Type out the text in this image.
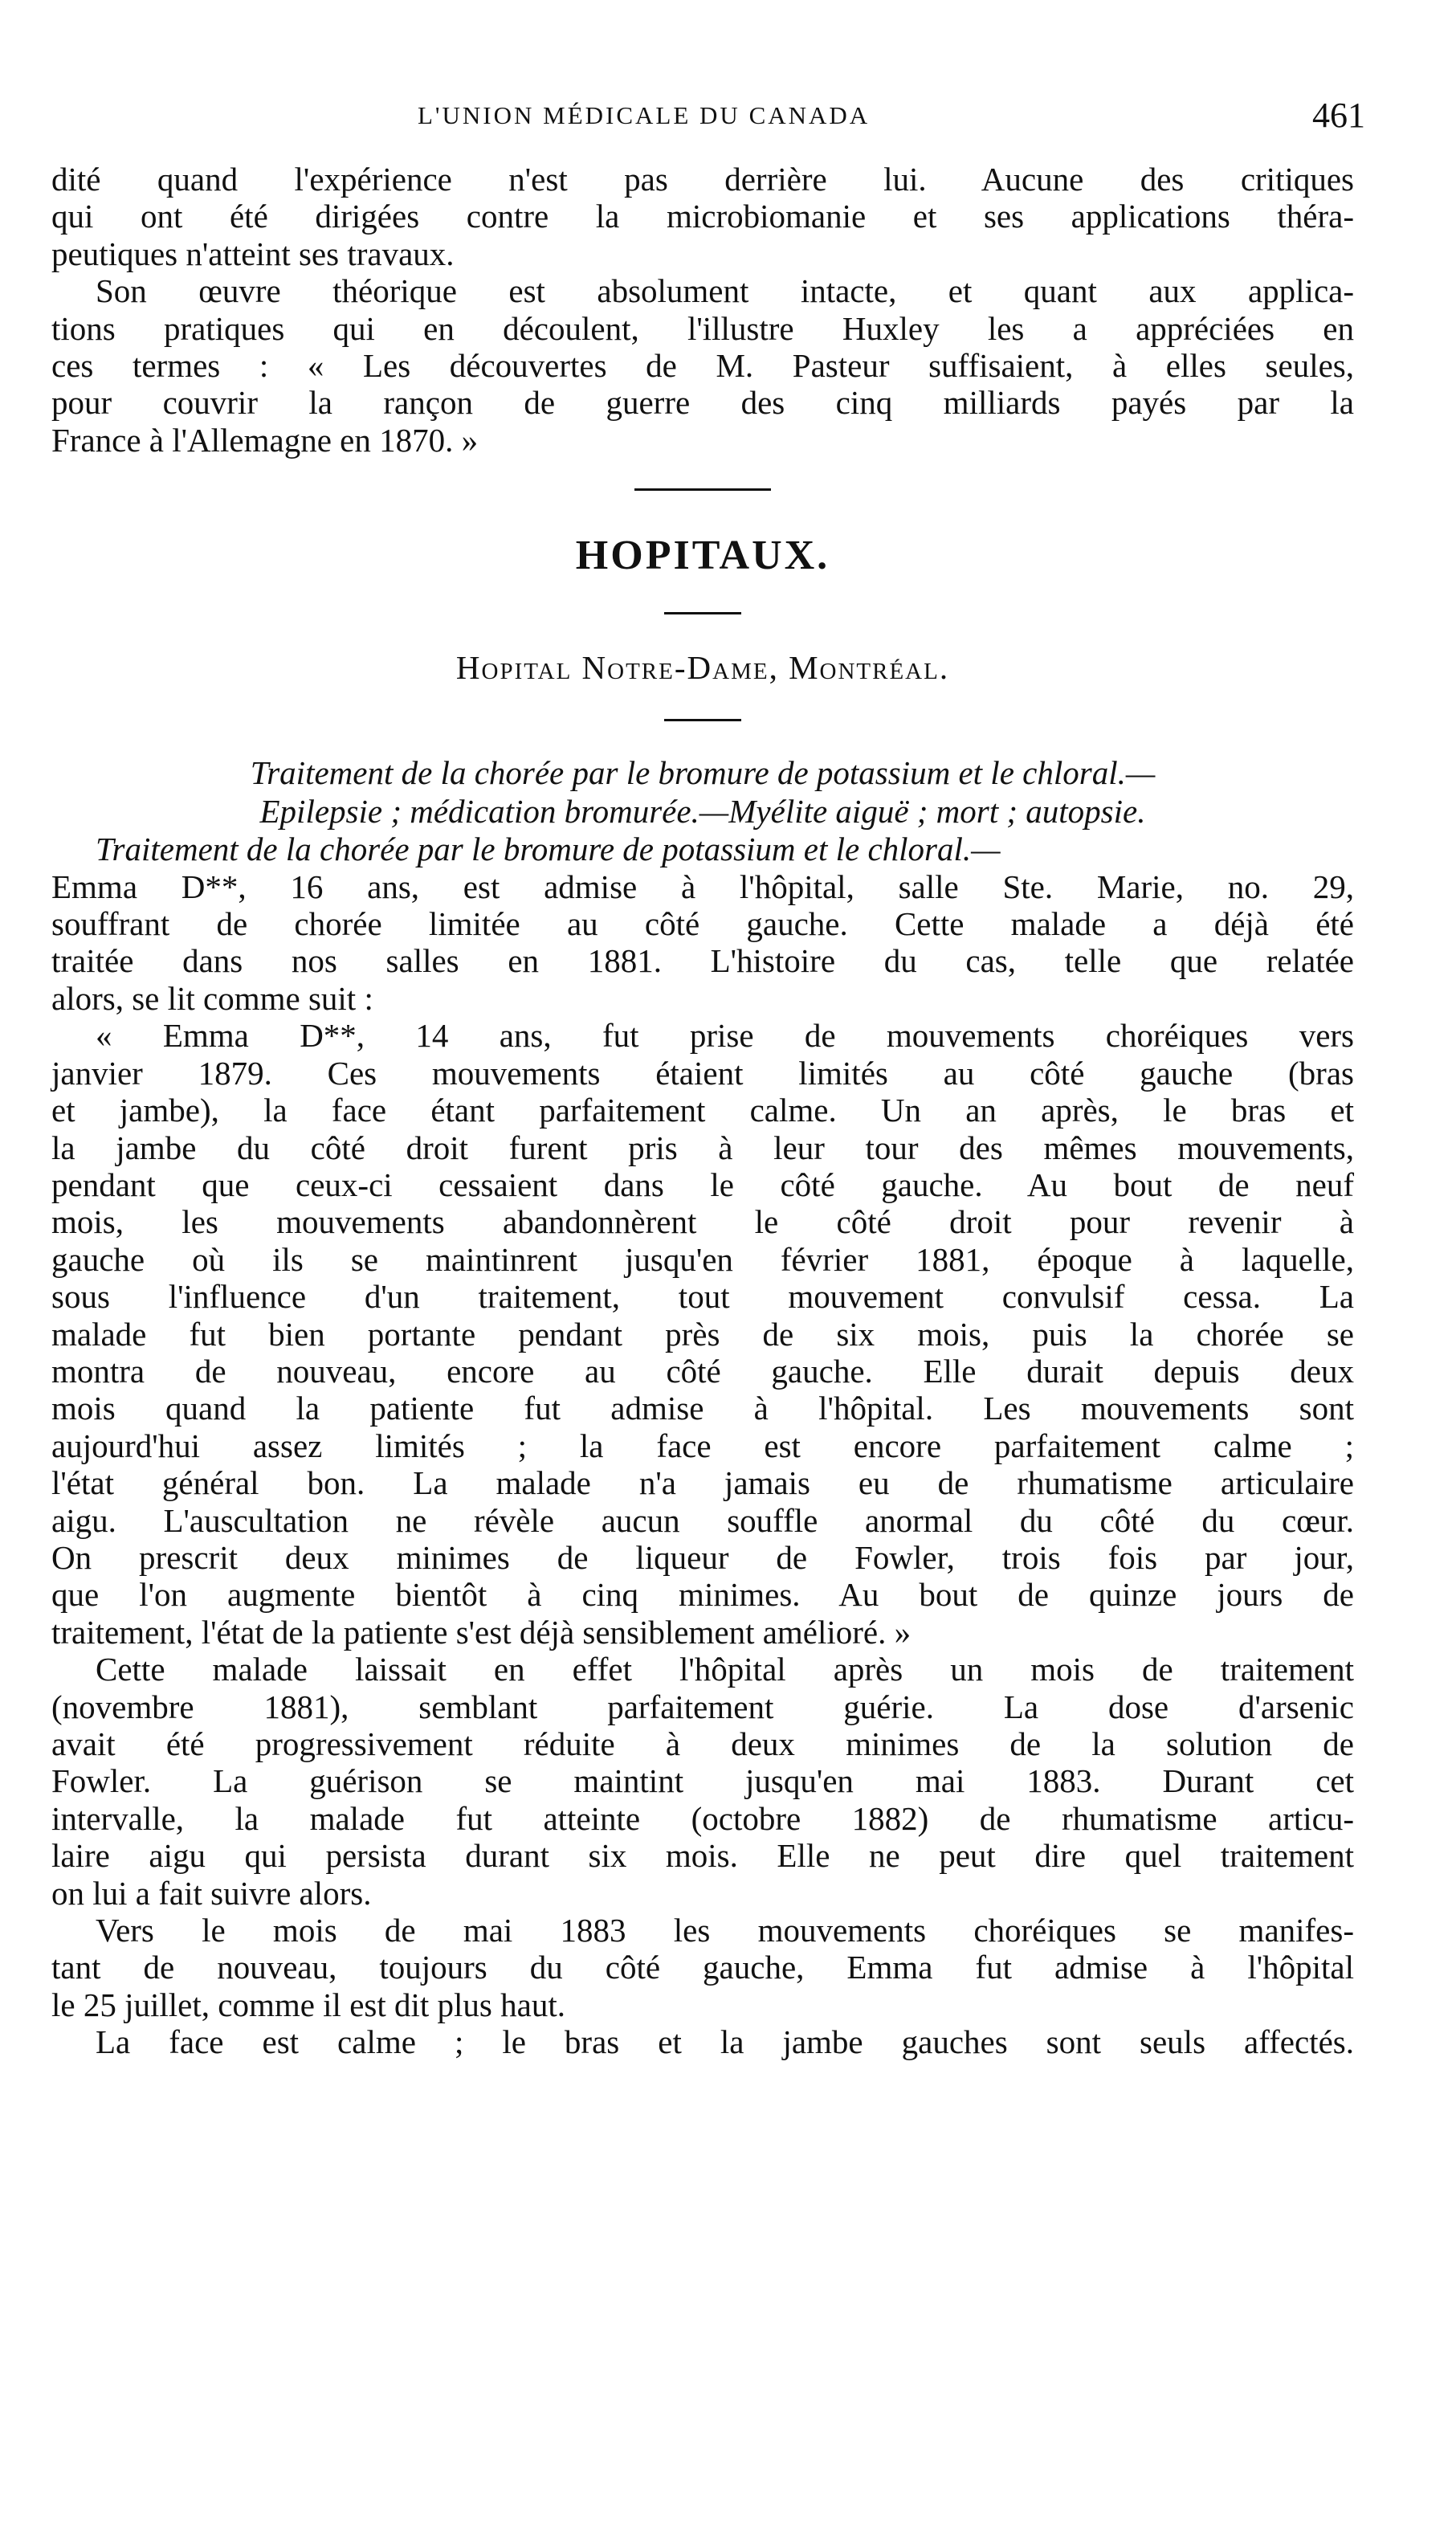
L'UNION MÉDICALE DU CANADA	461

dité quand l'expérience n'est pas derrière lui. Aucune des critiques
qui ont été dirigées contre la microbiomanie et ses applications théra-
peutiques n'atteint ses travaux.

Son œuvre théorique est absolument intacte, et quant aux applica-
tions pratiques qui en découlent, l'illustre Huxley les a appréciées en
ces termes : « Les découvertes de M. Pasteur suffisaient, à elles seules,
pour couvrir la rançon de guerre des cinq milliards payés par la
France à l'Allemagne en 1870. »

HOPITAUX.
Hopital Notre-Dame, Montréal.
Traitement de la chorée par le bromure de potassium et le chloral.—
Epilepsie ; médication bromurée.—Myélite aiguë ; mort ; autopsie.

Traitement de la chorée par le bromure de potassium et le chloral.—
Emma D**, 16 ans, est admise à l'hôpital, salle Ste. Marie, no. 29,
souffrant de chorée limitée au côté gauche. Cette malade a déjà été
traitée dans nos salles en 1881. L'histoire du cas, telle que relatée
alors, se lit comme suit :

« Emma D**, 14 ans, fut prise de mouvements choréiques vers
janvier 1879. Ces mouvements étaient limités au côté gauche (bras
et jambe), la face étant parfaitement calme. Un an après, le bras et
la jambe du côté droit furent pris à leur tour des mêmes mouvements,
pendant que ceux-ci cessaient dans le côté gauche. Au bout de neuf
mois, les mouvements abandonnèrent le côté droit pour revenir à
gauche où ils se maintinrent jusqu'en février 1881, époque à laquelle,
sous l'influence d'un traitement, tout mouvement convulsif cessa. La
malade fut bien portante pendant près de six mois, puis la chorée se
montra de nouveau, encore au côté gauche. Elle durait depuis deux
mois quand la patiente fut admise à l'hôpital. Les mouvements sont
aujourd'hui assez limités ; la face est encore parfaitement calme ;
l'état général bon. La malade n'a jamais eu de rhumatisme articulaire
aigu. L'auscultation ne révèle aucun souffle anormal du côté du cœur.
On prescrit deux minimes de liqueur de Fowler, trois fois par jour,
que l'on augmente bientôt à cinq minimes. Au bout de quinze jours de
traitement, l'état de la patiente s'est déjà sensiblement amélioré. »

Cette malade laissait en effet l'hôpital après un mois de traitement
(novembre 1881), semblant parfaitement guérie. La dose d'arsenic
avait été progressivement réduite à deux minimes de la solution de
Fowler. La guérison se maintint jusqu'en mai 1883. Durant cet
intervalle, la malade fut atteinte (octobre 1882) de rhumatisme articu-
laire aigu qui persista durant six mois. Elle ne peut dire quel traitement
on lui a fait suivre alors.

Vers le mois de mai 1883 les mouvements choréiques se manifes-
tant de nouveau, toujours du côté gauche, Emma fut admise à l'hôpital
le 25 juillet, comme il est dit plus haut.

La face est calme ; le bras et la jambe gauches sont seuls affectés.
